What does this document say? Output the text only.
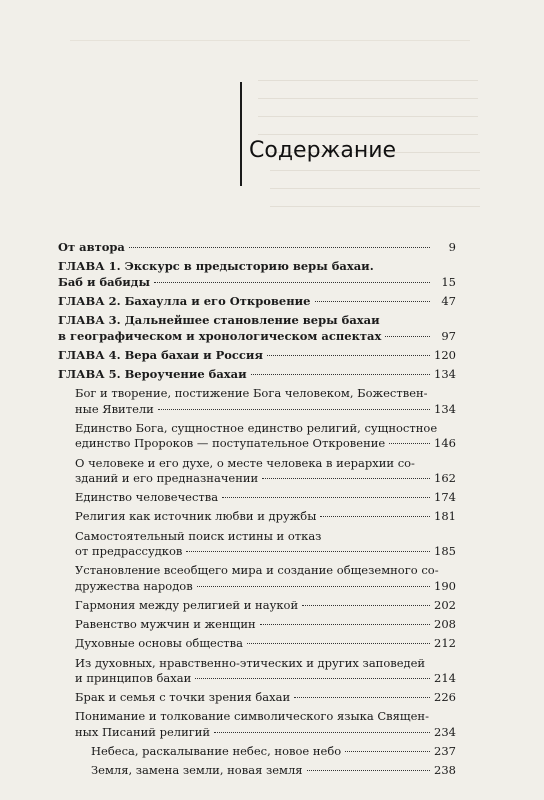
Содержание
От автора	9
ГЛАВА 1. Экскурс в предысторию веры бахаи.
Баб и бабиды	15
ГЛАВА 2. Бахаулла и его Откровение	47
ГЛАВА 3. Дальнейшее становление веры бахаи
в географическом и хронологическом аспектах	97
ГЛАВА 4. Вера бахаи и Россия	120
ГЛАВА 5. Вероучение бахаи	134
Бог и творение, постижение Бога человеком, Божествен-
ные Явители	134
Единство Бога, сущностное единство религий, сущностное
единство Пророков — поступательное Откровение	146
О человеке и его духе, о месте человека в иерархии со-
зданий и его предназначении	162
Единство человечества	174
Религия как источник любви и дружбы	181
Самостоятельный поиск истины и отказ
от предрассудков	185
Установление всеобщего мира и создание общеземного со-
дружества народов	190
Гармония между религией и наукой	202
Равенство мужчин и женщин	208
Духовные основы общества	212
Из духовных, нравственно-этических и других заповедей
и принципов бахаи	214
Брак и семья с точки зрения бахаи	226
Понимание и толкование символического языка Священ-
ных Писаний религий	234
Небеса, раскалывание небес, новое небо	237
Земля, замена земли, новая земля	238
